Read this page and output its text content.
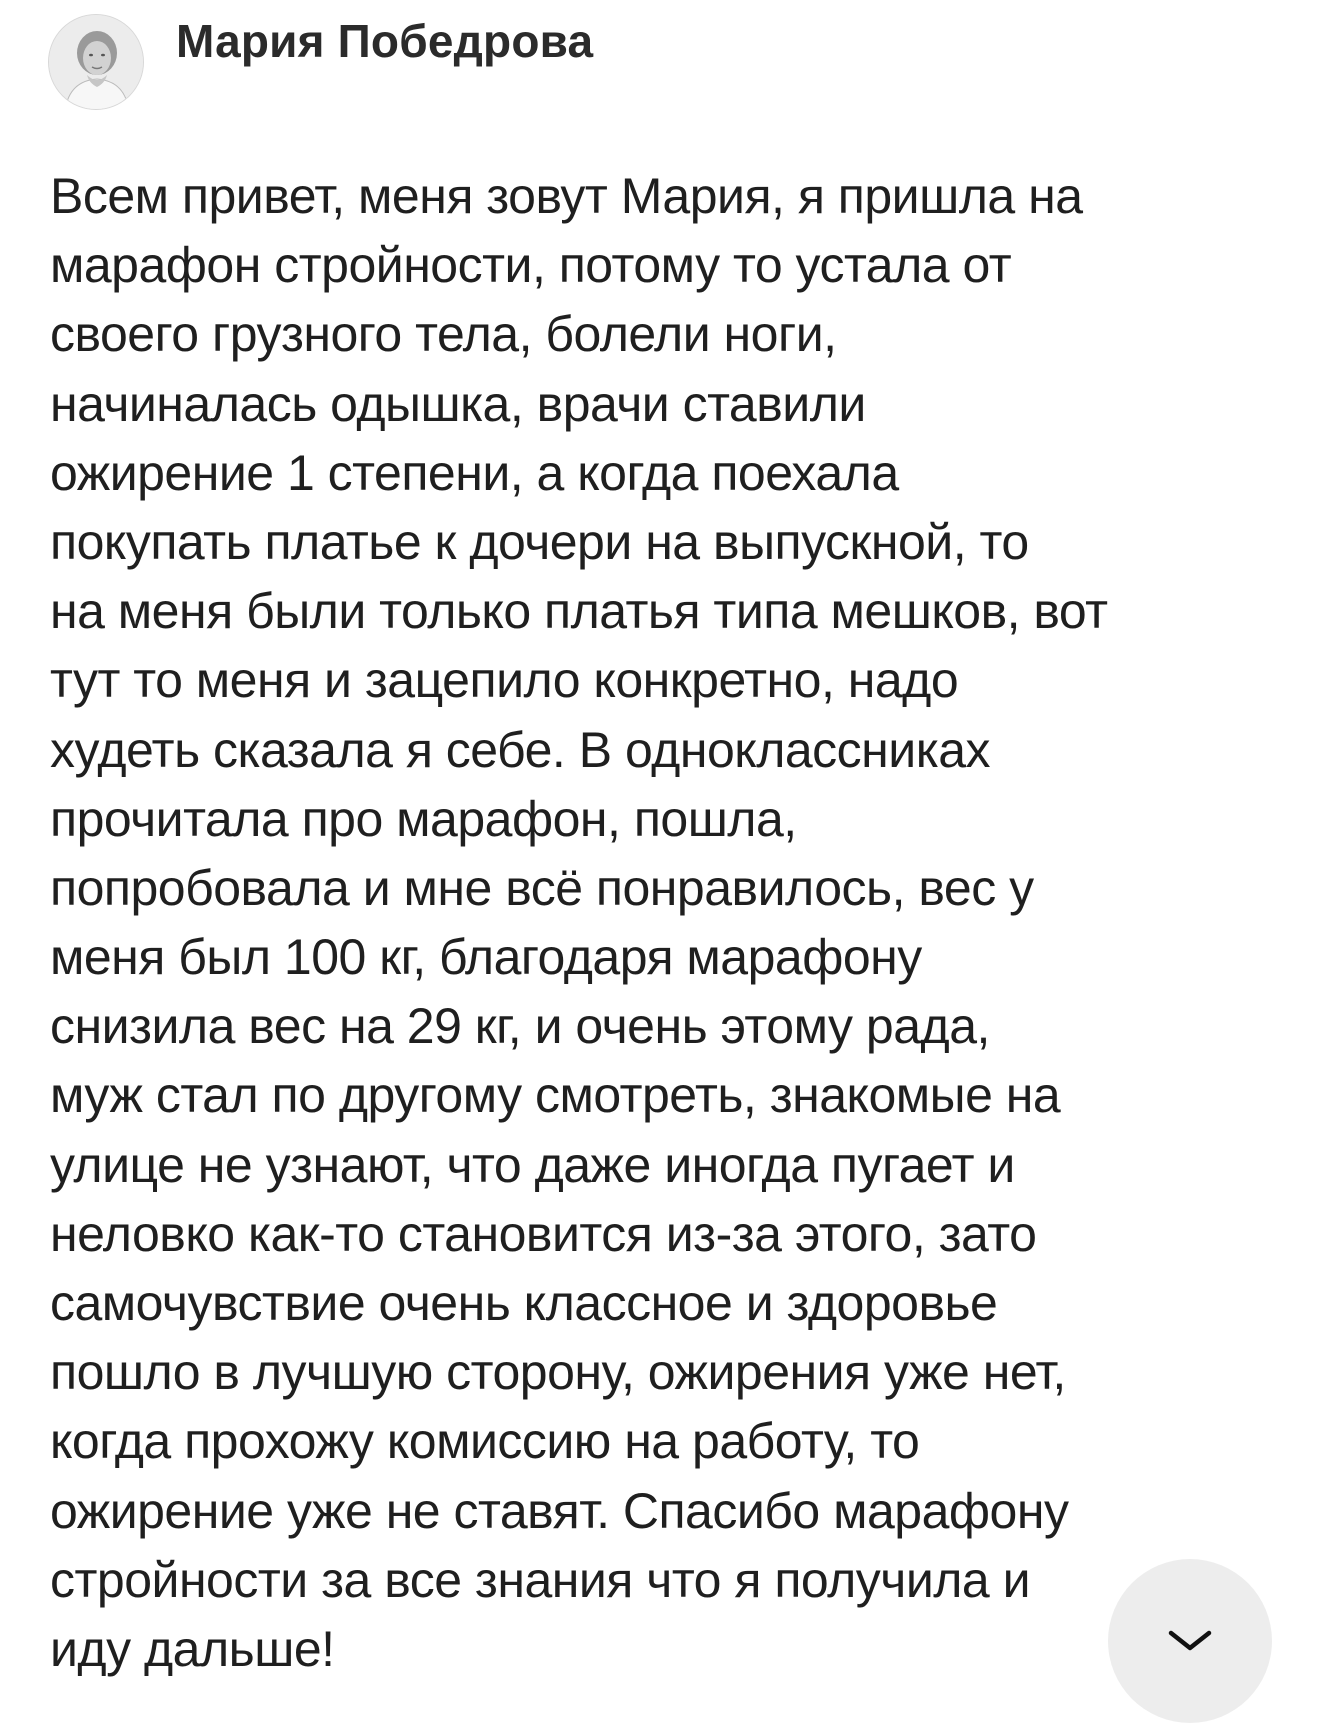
Мария Победрова
Всем привет, меня зовут Мария, я пришла на
марафон стройности, потому то устала от
своего грузного тела, болели ноги,
начиналась одышка, врачи ставили
ожирение 1 степени, а когда поехала
покупать платье к дочери на выпускной, то
на меня были только платья типа мешков, вот
тут то меня и зацепило конкретно, надо
худеть сказала я себе. В одноклассниках
прочитала про марафон, пошла,
попробовала и мне всё понравилось, вес у
меня был 100 кг, благодаря марафону
снизила вес на 29 кг, и очень этому рада,
муж стал по другому смотреть, знакомые на
улице не узнают, что даже иногда пугает и
неловко как-то становится из-за этого, зато
самочувствие очень классное и здоровье
пошло в лучшую сторону, ожирения уже нет,
когда прохожу комиссию на работу, то
ожирение уже не ставят. Спасибо марафону
стройности за все знания что я получила и
иду дальше!
